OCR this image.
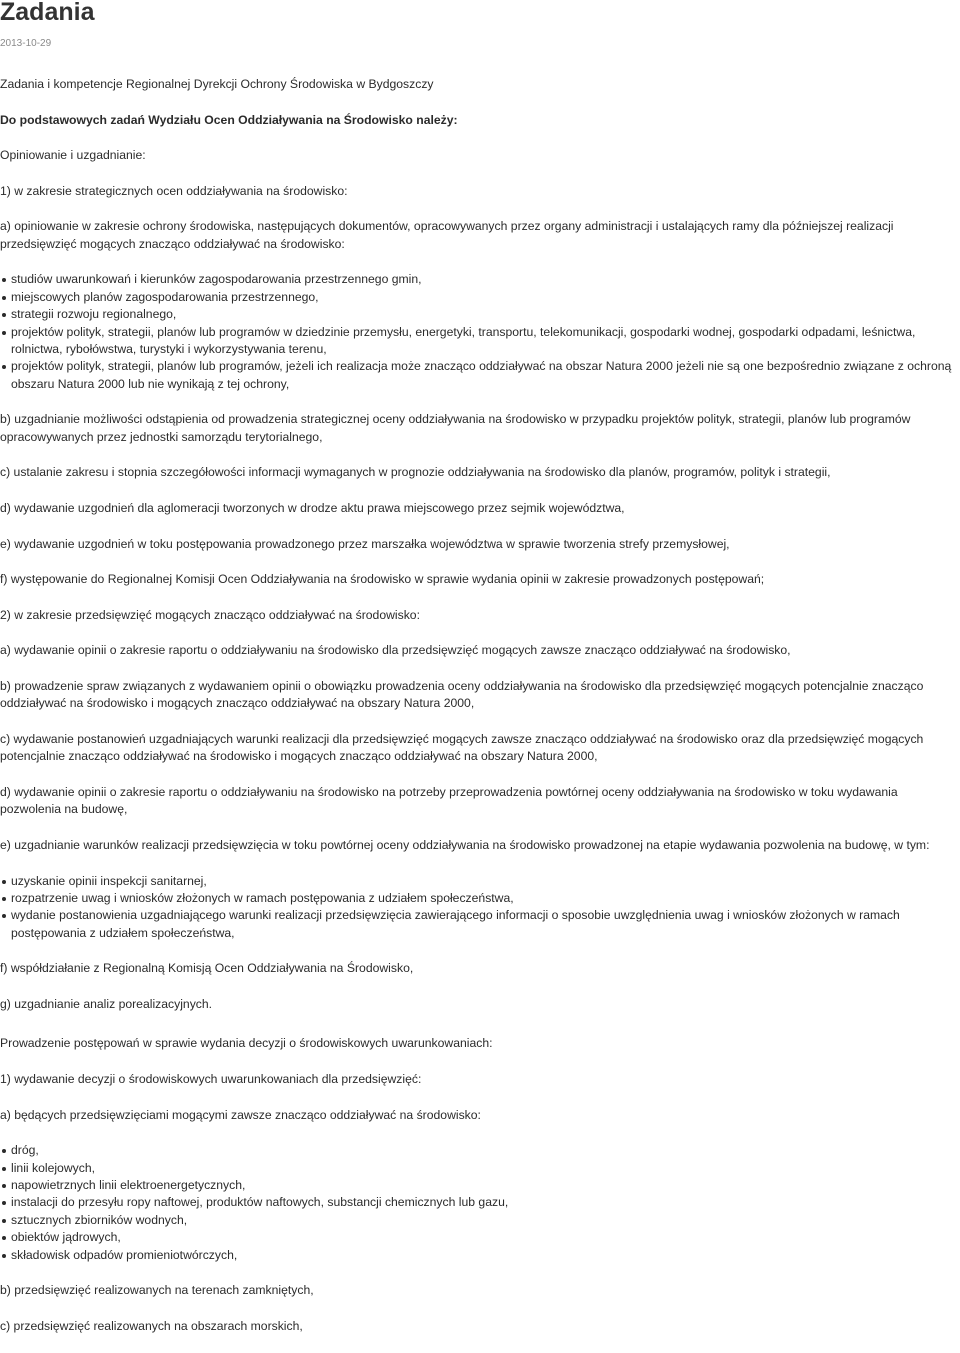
Zadania
2013-10-29

Zadania i kompetencje Regionalnej Dyrekcji Ochrony Środowiska w Bydgoszczy

Do podstawowych zadań Wydziału Ocen Oddziaływania na Środowisko należy:

Opiniowanie i uzgadnianie:

1) w zakresie strategicznych ocen oddziaływania na środowisko:

a) opiniowanie w zakresie ochrony środowiska, następujących dokumentów, opracowywanych przez organy administracji i ustalających ramy dla późniejszej realizacji przedsięwzięć mogących znacząco oddziaływać na środowisko:

studiów uwarunkowań i kierunków zagospodarowania przestrzennego gmin,
miejscowych planów zagospodarowania przestrzennego,
strategii rozwoju regionalnego,
projektów polityk, strategii, planów lub programów w dziedzinie przemysłu, energetyki, transportu, telekomunikacji, gospodarki wodnej, gospodarki odpadami, leśnictwa, rolnictwa, rybołówstwa, turystyki i wykorzystywania terenu,
projektów polityk, strategii, planów lub programów, jeżeli ich realizacja może znacząco oddziaływać na obszar Natura 2000 jeżeli nie są one bezpośrednio związane z ochroną obszaru Natura 2000 lub nie wynikają z tej ochrony,

b) uzgadnianie możliwości odstąpienia od prowadzenia strategicznej oceny oddziaływania na środowisko w przypadku projektów polityk, strategii, planów lub programów opracowywanych przez jednostki samorządu terytorialnego,

c) ustalanie zakresu i stopnia szczegółowości informacji wymaganych w prognozie oddziaływania na środowisko dla planów, programów, polityk i strategii,

d) wydawanie uzgodnień dla aglomeracji tworzonych w drodze aktu prawa miejscowego przez sejmik województwa,

e) wydawanie uzgodnień w toku postępowania prowadzonego przez marszałka województwa w sprawie tworzenia strefy przemysłowej,

f) występowanie do Regionalnej Komisji Ocen Oddziaływania na środowisko w sprawie wydania opinii w zakresie prowadzonych postępowań;

2) w zakresie przedsięwzięć mogących znacząco oddziaływać na środowisko:

a) wydawanie opinii o zakresie raportu o oddziaływaniu na środowisko dla przedsięwzięć mogących zawsze znacząco oddziaływać na środowisko,

b) prowadzenie spraw związanych z wydawaniem opinii o obowiązku prowadzenia oceny oddziaływania na środowisko dla przedsięwzięć mogących potencjalnie znacząco oddziaływać na środowisko i mogących znacząco oddziaływać na obszary Natura 2000,

c) wydawanie postanowień uzgadniających warunki realizacji dla przedsięwzięć mogących zawsze znacząco oddziaływać na środowisko oraz dla przedsięwzięć mogących potencjalnie znacząco oddziaływać na środowisko i mogących znacząco oddziaływać na obszary Natura 2000,

d) wydawanie opinii o zakresie raportu o oddziaływaniu na środowisko na potrzeby przeprowadzenia powtórnej oceny oddziaływania na środowisko w toku wydawania pozwolenia na budowę,

e) uzgadnianie warunków realizacji przedsięwzięcia w toku powtórnej oceny oddziaływania na środowisko prowadzonej na etapie wydawania pozwolenia na budowę, w tym:

uzyskanie opinii inspekcji sanitarnej,
rozpatrzenie uwag i wniosków złożonych w ramach postępowania z udziałem społeczeństwa,
wydanie postanowienia uzgadniającego warunki realizacji przedsięwzięcia zawierającego informacji o sposobie uwzględnienia uwag i wniosków złożonych w ramach postępowania z udziałem społeczeństwa,

f) współdziałanie z Regionalną Komisją Ocen Oddziaływania na Środowisko,

g) uzgadnianie analiz porealizacyjnych.

Prowadzenie postępowań w sprawie wydania decyzji o środowiskowych uwarunkowaniach:

1) wydawanie decyzji o środowiskowych uwarunkowaniach dla przedsięwzięć:

a) będących przedsięwzięciami mogącymi zawsze znacząco oddziaływać na środowisko:

dróg,
linii kolejowych,
napowietrznych linii elektroenergetycznych,
instalacji do przesyłu ropy naftowej, produktów naftowych, substancji chemicznych lub gazu,
sztucznych zbiorników wodnych,
obiektów jądrowych,
składowisk odpadów promieniotwórczych,

b) przedsięwzięć realizowanych na terenach zamkniętych,

c) przedsięwzięć realizowanych na obszarach morskich,
